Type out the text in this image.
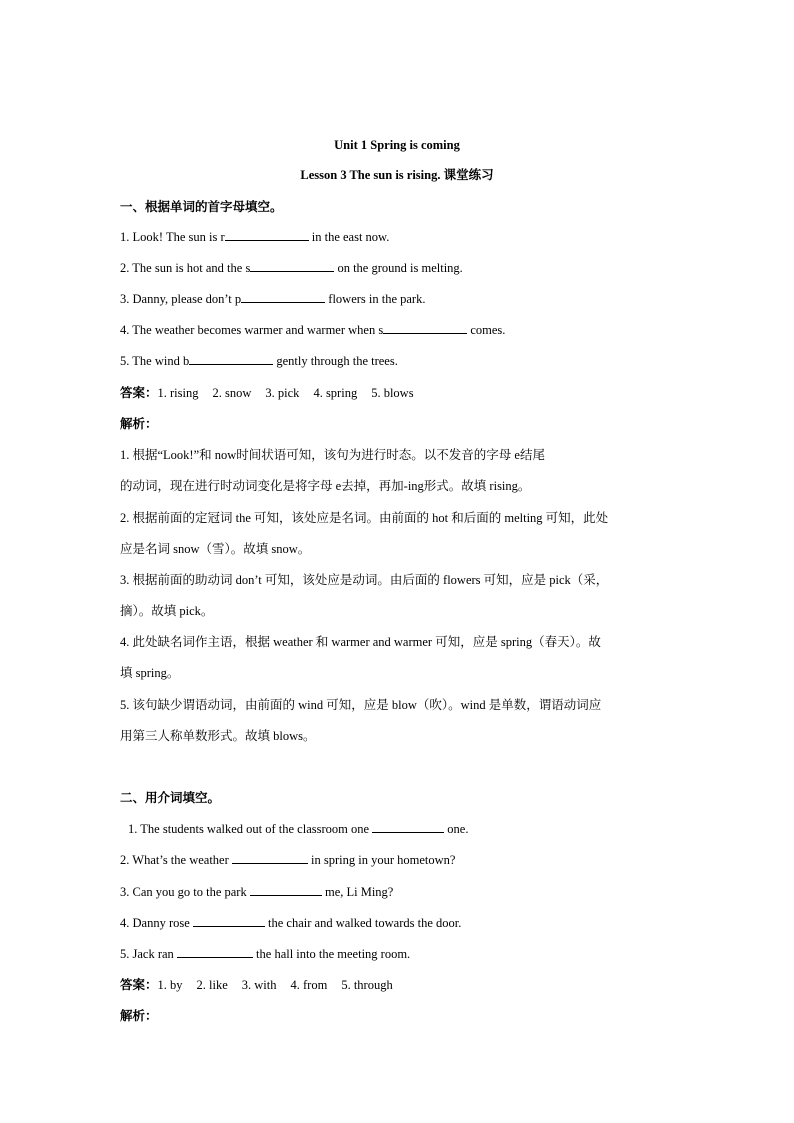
Unit 1 Spring is coming
Lesson 3 The sun is rising. 课堂练习
一、根据单词的首字母填空。
1. Look! The sun is r	in the east now.
2. The sun is hot and the s	on the ground is melting.
3. Danny, please don’t p	flowers in the park.
4. The weather becomes warmer and warmer when s	comes.
5. The wind b	gently through the trees.
答案：1. rising 2. snow 3. pick 4. spring 5. blows
解析：
1. 根据“Look!”和 now时间状语可知，该句为进行时态。以不发音的字母 e结尾
的动词，现在进行时动词变化是将字母 e去掉，再加-ing形式。故填 rising。
2. 根据前面的定冠词 the 可知，该处应是名词。由前面的 hot 和后面的 melting 可知，此处
应是名词 snow（雪）。故填 snow。
3. 根据前面的助动词 don’t 可知，该处应是动词。由后面的 flowers 可知，应是 pick（采，
摘）。故填 pick。
4. 此处缺名词作主语，根据 weather 和 warmer and warmer 可知，应是 spring（春天）。故
填 spring。
5. 该句缺少谓语动词，由前面的 wind 可知，应是 blow（吹）。wind 是单数，谓语动词应
用第三人称单数形式。故填 blows。
二、用介词填空。
1. The students walked out of the classroom one	one.
2. What’s the weather	in spring in your hometown?
3. Can you go to the park	me, Li Ming?
4. Danny rose	the chair and walked towards the door.
5. Jack ran	the hall into the meeting room.
答案：1. by 2. like 3. with 4. from 5. through
解析：
